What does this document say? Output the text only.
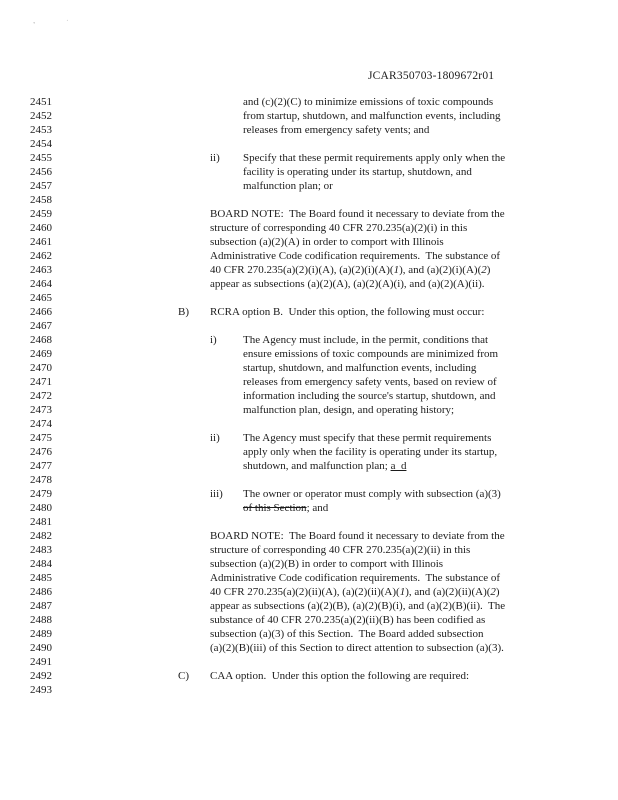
ʽ	ˈ
JCAR350703-1809672r01
2451	and (c)(2)(C) to minimize emissions of toxic compounds
2452	from startup, shutdown, and malfunction events, including
2453	releases from emergency safety vents; and
2454
2455	ii) Specify that these permit requirements apply only when the
2456	facility is operating under its startup, shutdown, and
2457	malfunction plan; or
2458
2459	BOARD NOTE:  The Board found it necessary to deviate from the
2460	structure of corresponding 40 CFR 270.235(a)(2)(i) in this
2461	subsection (a)(2)(A) in order to comport with Illinois
2462	Administrative Code codification requirements.  The substance of
2463	40 CFR 270.235(a)(2)(i)(A), (a)(2)(i)(A)(1), and (a)(2)(i)(A)(2)
2464	appear as subsections (a)(2)(A), (a)(2)(A)(i), and (a)(2)(A)(ii).
2465
2466	B) RCRA option B.  Under this option, the following must occur:
2467
2468	i) The Agency must include, in the permit, conditions that
2469	ensure emissions of toxic compounds are minimized from
2470	startup, shutdown, and malfunction events, including
2471	releases from emergency safety vents, based on review of
2472	information including the source's startup, shutdown, and
2473	malfunction plan, design, and operating history;
2474
2475	ii) The Agency must specify that these permit requirements
2476	apply only when the facility is operating under its startup,
2477	shutdown, and malfunction plan; a  d
2478
2479	iii) The owner or operator must comply with subsection (a)(3)
2480	of this Section; and
2481
2482	BOARD NOTE:  The Board found it necessary to deviate from the
2483	structure of corresponding 40 CFR 270.235(a)(2)(ii) in this
2484	subsection (a)(2)(B) in order to comport with Illinois
2485	Administrative Code codification requirements.  The substance of
2486	40 CFR 270.235(a)(2)(ii)(A), (a)(2)(ii)(A)(1), and (a)(2)(ii)(A)(2)
2487	appear as subsections (a)(2)(B), (a)(2)(B)(i), and (a)(2)(B)(ii).  The
2488	substance of 40 CFR 270.235(a)(2)(ii)(B) has been codified as
2489	subsection (a)(3) of this Section.  The Board added subsection
2490	(a)(2)(B)(iii) of this Section to direct attention to subsection (a)(3).
2491
2492	C) CAA option.  Under this option the following are required:
2493
